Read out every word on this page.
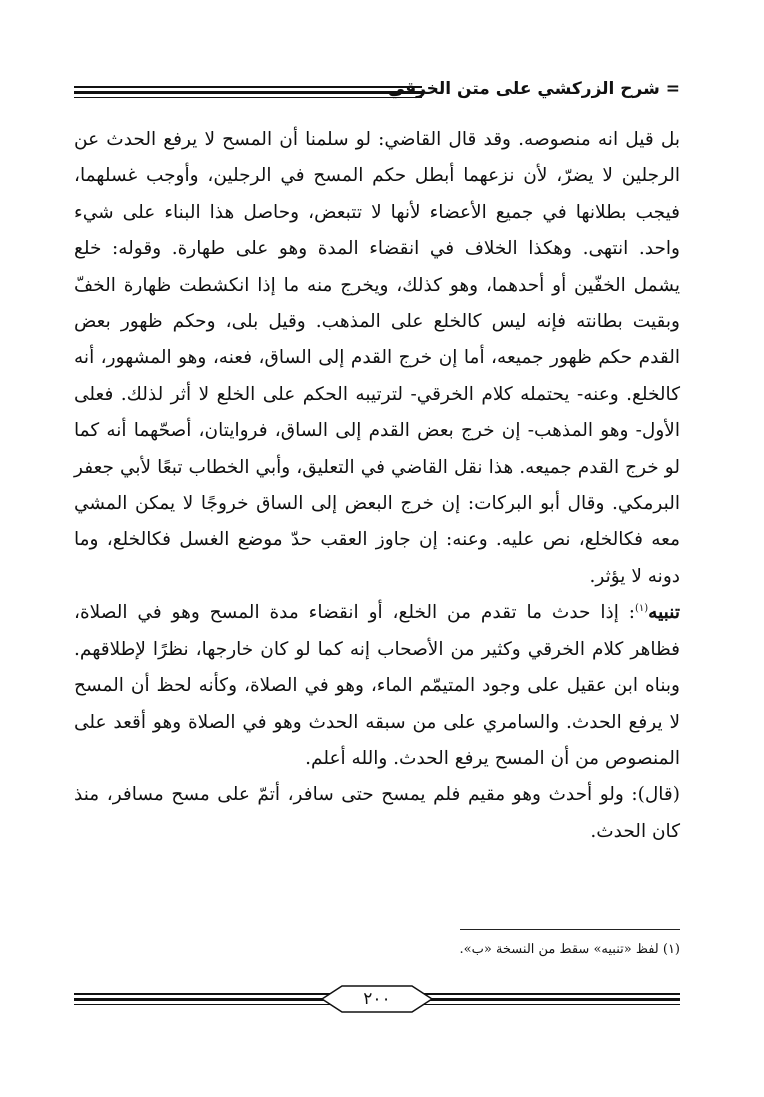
= شرح الزركشي على متن الخرقي

بل قيل انه منصوصه. وقد قال القاضي: لو سلمنا أن المسح لا يرفع الحدث عن الرجلين لا يضرّ، لأن نزعهما أبطل حكم المسح في الرجلين، وأوجب غسلهما، فيجب بطلانها في جميع الأعضاء لأنها لا تتبعض، وحاصل هذا البناء على شيء واحد. انتهى. وهكذا الخلاف في انقضاء المدة وهو على طهارة. وقوله: خلع يشمل الخفّين أو أحدهما، وهو كذلك، ويخرج منه ما إذا انكشطت ظهارة الخفّ وبقيت بطانته فإنه ليس كالخلع على المذهب. وقيل بلى، وحكم ظهور بعض القدم حكم ظهور جميعه، أما إن خرج القدم إلى الساق، فعنه، وهو المشهور، أنه كالخلع. وعنه- يحتمله كلام الخرقي- لترتيبه الحكم على الخلع لا أثر لذلك. فعلى الأول- وهو المذهب- إن خرج بعض القدم إلى الساق، فروايتان، أصحّهما أنه كما لو خرج القدم جميعه. هذا نقل القاضي في التعليق، وأبي الخطاب تبعًا لأبي جعفر البرمكي. وقال أبو البركات: إن خرج البعض إلى الساق خروجًا لا يمكن المشي معه فكالخلع، نص عليه. وعنه: إن جاوز العقب حدّ موضع الغسل فكالخلع، وما دونه لا يؤثر.

تنبيه$^{(١)}$: إذا حدث ما تقدم من الخلع، أو انقضاء مدة المسح وهو في الصلاة، فظاهر كلام الخرقي وكثير من الأصحاب إنه كما لو كان خارجها، نظرًا لإطلاقهم. وبناه ابن عقيل على وجود المتيمّم الماء، وهو في الصلاة، وكأنه لحظ أن المسح لا يرفع الحدث. والسامري على من سبقه الحدث وهو في الصلاة وهو أقعد على المنصوص من أن المسح يرفع الحدث. والله أعلم.

(قال): ولو أحدث وهو مقيم فلم يمسح حتى سافر، أتمّ على مسح مسافر، منذ كان الحدث.

(١) لفظ «تنبيه» سقط من النسخة «ب».
٢٠٠
